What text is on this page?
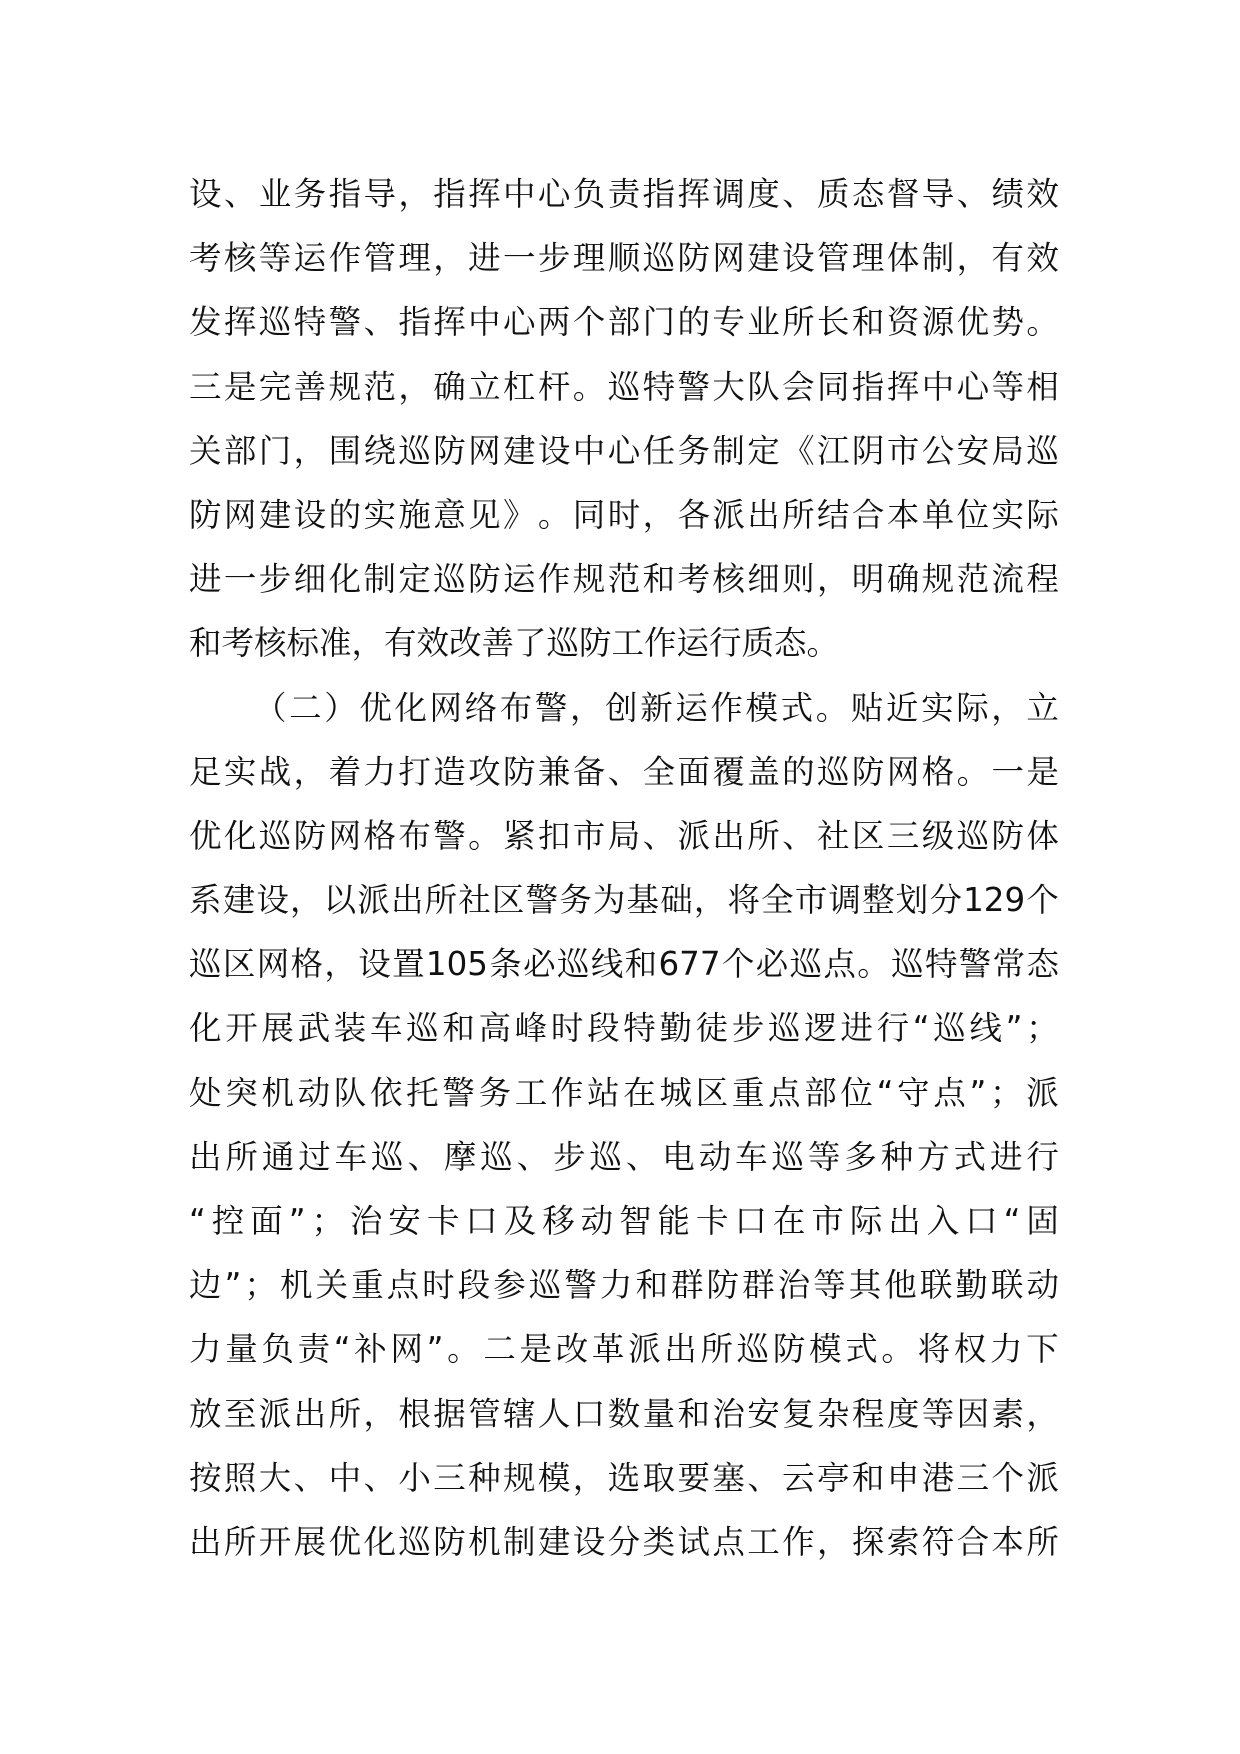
设 、 业 务 指 导 ， 指 挥 中 心 负 责 指 挥 调 度 、 质 态 督 导 、 绩 效
考 核 等 运 作 管 理 ， 进 一 步 理 顺 巡 防 网 建 设 管 理 体 制 ， 有 效
发 挥 巡 特 警 、 指 挥 中 心 两 个 部 门 的 专 业 所 长 和 资 源 优 势 。
三 是 完 善 规 范 ， 确 立 杠 杆 。 巡 特 警 大 队 会 同 指 挥 中 心 等 相
关 部 门 ， 围 绕 巡 防 网 建 设 中 心 任 务 制 定 《 江 阴 市 公 安 局 巡
防 网 建 设 的 实 施 意 见 》 。 同 时 ， 各 派 出 所 结 合 本 单 位 实 际
进 一 步 细 化 制 定 巡 防 运 作 规 范 和 考 核 细 则 ， 明 确 规 范 流 程
和考核标准，有效改善了巡防工作运行质态。
（ 二 ） 优 化 网 络 布 警 ， 创 新 运 作 模 式 。 贴 近 实 际 ， 立
足 实 战 ， 着 力 打 造 攻 防 兼 备 、 全 面 覆 盖 的 巡 防 网 格 。 一 是
优 化 巡 防 网 格 布 警 。 紧 扣 市 局 、 派 出 所 、 社 区 三 级 巡 防 体
系 建 设 ， 以 派 出 所 社 区 警 务 为 基 础 ， 将 全 市 调 整 划 分 129 个
巡 区 网 格 ， 设 置 105 条 必 巡 线 和 677 个 必 巡 点 。 巡 特 警 常 态
化 开 展 武 装 车 巡 和 高 峰 时 段 特 勤 徒 步 巡 逻 进 行 “ 巡 线 ” ；
处 突 机 动 队 依 托 警 务 工 作 站 在 城 区 重 点 部 位 “ 守 点 ” ； 派
出 所 通 过 车 巡 、 摩 巡 、 步 巡 、 电 动 车 巡 等 多 种 方 式 进 行
“ 控 面 ” ； 治 安 卡 口 及 移 动 智 能 卡 口 在 市 际 出 入 口 “ 固
边 ” ； 机 关 重 点 时 段 参 巡 警 力 和 群 防 群 治 等 其 他 联 勤 联 动
力 量 负 责 “ 补 网 ” 。 二 是 改 革 派 出 所 巡 防 模 式 。 将 权 力 下
放 至 派 出 所 ， 根 据 管 辖 人 口 数 量 和 治 安 复 杂 程 度 等 因 素 ，
按 照 大 、 中 、 小 三 种 规 模 ， 选 取 要 塞 、 云 亭 和 申 港 三 个 派
出 所 开 展 优 化 巡 防 机 制 建 设 分 类 试 点 工 作 ， 探 索 符 合 本 所
